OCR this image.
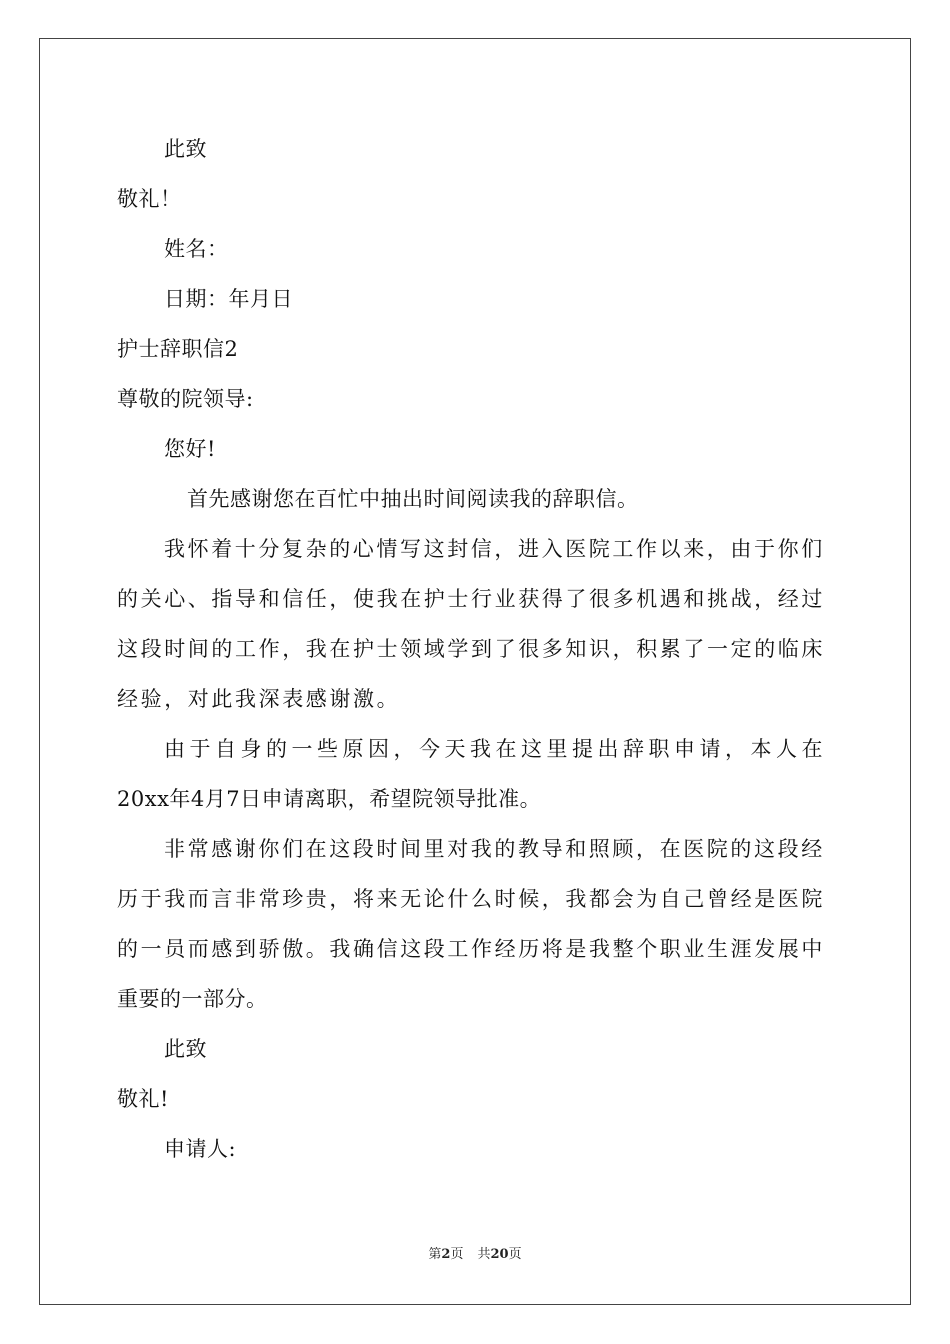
此致
敬礼！
姓名：
日期：年月日
护士辞职信2
尊敬的院领导:
您好!
首先感谢您在百忙中抽出时间阅读我的辞职信。
我怀着十分复杂的心情写这封信，进入医院工作以来，由于你们
的关心、指导和信任，使我在护士行业获得了很多机遇和挑战，经过
这段时间的工作，我在护士领域学到了很多知识，积累了一定的临床
经验，对此我深表感谢激。
由于自身的一些原因，今天我在这里提出辞职申请，本人在
20xx年4月7日申请离职，希望院领导批准。
非常感谢你们在这段时间里对我的教导和照顾，在医院的这段经
历于我而言非常珍贵，将来无论什么时候，我都会为自己曾经是医院
的一员而感到骄傲。我确信这段工作经历将是我整个职业生涯发展中
重要的一部分。
此致
敬礼!
申请人:
第2页 共20页
